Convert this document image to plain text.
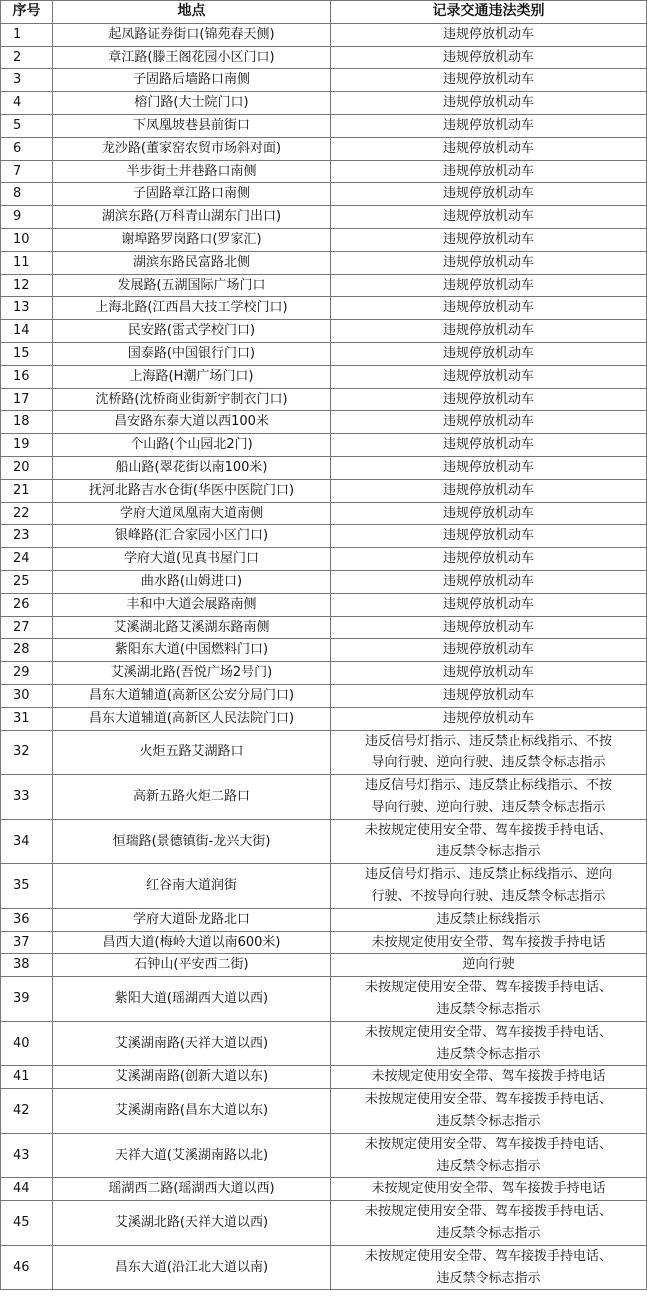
序号	地点	记录交通违法类别
1	起凤路证券街口(锦苑春天侧)	违规停放机动车

2	章江路(滕王阁花园小区门口)	违规停放机动车

3	子固路后墙路口南侧	违规停放机动车

4	榕门路(大士院门口)	违规停放机动车

5	下凤凰坡巷县前街口	违规停放机动车

6	龙沙路(董家窑农贸市场斜对面)	违规停放机动车

7	半步街土井巷路口南侧	违规停放机动车

8	子固路章江路口南侧	违规停放机动车

9	湖滨东路(万科青山湖东门出口)	违规停放机动车

10	谢埠路罗岗路口(罗家汇)	违规停放机动车

11	湖滨东路民富路北侧	违规停放机动车

12	发展路(五湖国际广场门口	违规停放机动车

13	上海北路(江西昌大技工学校门口)	违规停放机动车

14	民安路(雷式学校门口)	违规停放机动车

15	国泰路(中国银行门口)	违规停放机动车

16	上海路(H潮广场门口)	违规停放机动车

17	沈桥路(沈桥商业街新宇制衣门口)	违规停放机动车

18	昌安路东泰大道以西100米	违规停放机动车

19	个山路(个山园北2门)	违规停放机动车

20	船山路(翠花街以南100米)	违规停放机动车

21	抚河北路吉水仓街(华医中医院门口)	违规停放机动车

22	学府大道凤凰南大道南侧	违规停放机动车

23	银峰路(汇合家园小区门口)	违规停放机动车

24	学府大道(见真书屋门口	违规停放机动车

25	曲水路(山姆进口)	违规停放机动车

26	丰和中大道会展路南侧	违规停放机动车

27	艾溪湖北路艾溪湖东路南侧	违规停放机动车

28	紫阳东大道(中国燃料门口)	违规停放机动车

29	艾溪湖北路(吾悦广场2号门)	违规停放机动车

30	昌东大道辅道(高新区公安分局门口)	违规停放机动车

31	昌东大道辅道(高新区人民法院门口)	违规停放机动车

32	火炬五路艾湖路口	违反信号灯指示、违反禁止标线指示、不按
导向行驶、逆向行驶、违反禁令标志指示

33	高新五路火炬二路口	违反信号灯指示、违反禁止标线指示、不按
导向行驶、逆向行驶、违反禁令标志指示

34	恒瑞路(景德镇街-龙兴大街)	未按规定使用安全带、驾车接拨手持电话、
违反禁令标志指示

35	红谷南大道润街	违反信号灯指示、违反禁止标线指示、逆向
行驶、不按导向行驶、违反禁令标志指示

36	学府大道卧龙路北口	违反禁止标线指示

37	昌西大道(梅岭大道以南600米)	未按规定使用安全带、驾车接拨手持电话

38	石钟山(平安西二街)	逆向行驶

39	紫阳大道(瑶湖西大道以西)	未按规定使用安全带、驾车接拨手持电话、
违反禁令标志指示

40	艾溪湖南路(天祥大道以西)	未按规定使用安全带、驾车接拨手持电话、
违反禁令标志指示

41	艾溪湖南路(创新大道以东)	未按规定使用安全带、驾车接拨手持电话

42	艾溪湖南路(昌东大道以东)	未按规定使用安全带、驾车接拨手持电话、
违反禁令标志指示

43	天祥大道(艾溪湖南路以北)	未按规定使用安全带、驾车接拨手持电话、
违反禁令标志指示

44	瑶湖西二路(瑶湖西大道以西)	未按规定使用安全带、驾车接拨手持电话

45	艾溪湖北路(天祥大道以西)	未按规定使用安全带、驾车接拨手持电话、
违反禁令标志指示

46	昌东大道(沿江北大道以南)	未按规定使用安全带、驾车接拨手持电话、
违反禁令标志指示
